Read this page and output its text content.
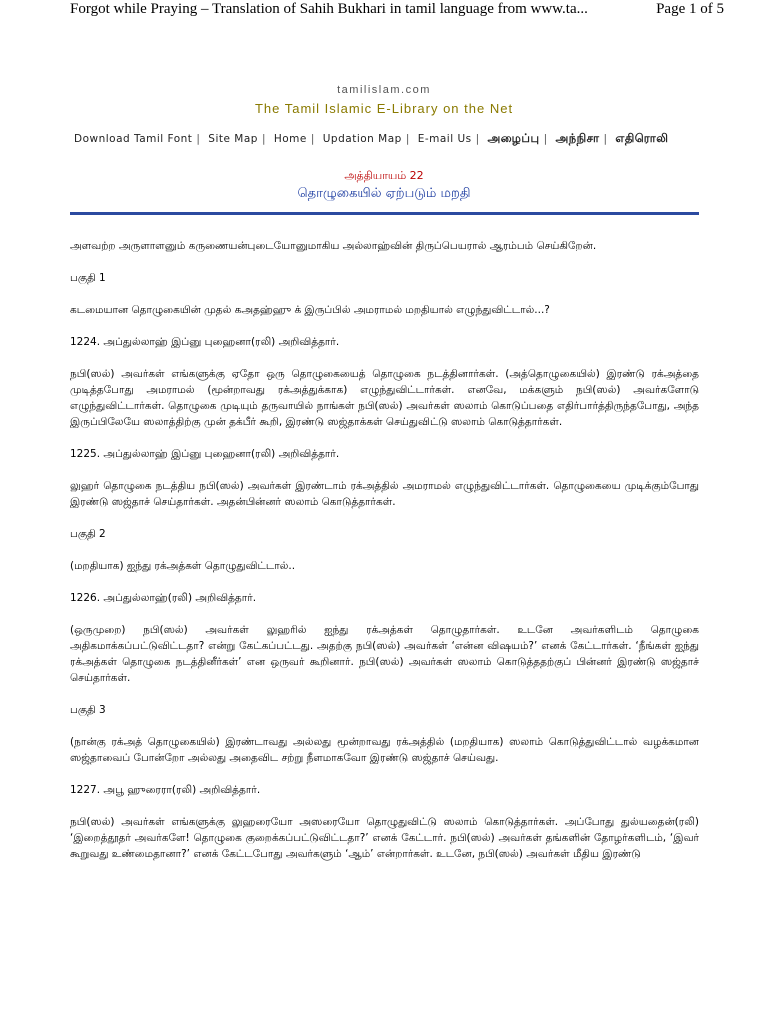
Forgot while Praying – Translation of Sahih Bukhari in tamil language from www.ta...	Page 1 of 5
tamilislam.com
The Tamil Islamic E-Library on the Net
Download Tamil Font | Site Map | Home | Updation Map | E-mail Us | அழைப்பு | அந்நிசா | எதிரொலி
அத்தியாயம் 22
தொழுகையில் ஏற்படும் மறதி

அளவற்ற அருளாளனும் கருணையன்புடையோனுமாகிய அல்லாஹ்வின் திருப்பெயரால் ஆரம்பம் செய்கிறேன்.

பகுதி 1

கடமையான தொழுகையின் முதல் கஅதஹ்ஹு க் இருப்பில் அமராமல் மறதியால் எழுந்துவிட்டால்...?

1224. அப்துல்லாஹ் இப்னு புஹைனா(ரலி) அறிவித்தார்.

நபி(ஸல்) அவர்கள் எங்களுக்கு ஏதோ ஒரு தொழுகையைத் தொழுகை நடத்தினார்கள். (அத்தொழுகையில்) இரண்டு ரக்அத்தை முடித்தபோது அமராமல் (மூன்றாவது ரக்அத்துக்காக) எழுந்துவிட்டார்கள். எனவே, மக்களும் நபி(ஸல்) அவர்களோடு எழுந்துவிட்டார்கள். தொழுகை முடியும் தருவாயில் நாங்கள் நபி(ஸல்) அவர்கள் ஸலாம் கொடுப்பதை எதிர்பார்த்திருந்தபோது, அந்த இருப்பிலேயே ஸலாத்திற்கு முன் தக்பீர் கூறி, இரண்டு ஸஜ்தாக்கள் செய்துவிட்டு ஸலாம் கொடுத்தார்கள்.

1225. அப்துல்லாஹ் இப்னு புஹைனா(ரலி) அறிவித்தார்.

லுஹர் தொழுகை நடத்திய நபி(ஸல்) அவர்கள் இரண்டாம் ரக்அத்தில் அமராமல் எழுந்துவிட்டார்கள். தொழுகையை முடிக்கும்போது இரண்டு ஸஜ்தாச் செய்தார்கள். அதன்பின்னர் ஸலாம் கொடுத்தார்கள்.

பகுதி 2

(மறதியாக) ஐந்து ரக்அத்கள் தொழுதுவிட்டால்..

1226. அப்துல்லாஹ்(ரலி) அறிவித்தார்.

(ஒருமுறை) நபி(ஸல்) அவர்கள் லுஹரில் ஐந்து ரக்அத்கள் தொழுதார்கள். உடனே அவர்களிடம் தொழுகை அதிகமாக்கப்பட்டுவிட்டதா? என்று கேட்கப்பட்டது. அதற்கு நபி(ஸல்) அவர்கள் ‘என்ன விஷயம்?’ எனக் கேட்டார்கள். ‘நீங்கள் ஐந்து ரக்அத்கள் தொழுகை நடத்தினீர்கள்’ என ஒருவர் கூறினார். நபி(ஸல்) அவர்கள் ஸலாம் கொடுத்ததற்குப் பின்னர் இரண்டு ஸஜ்தாச் செய்தார்கள்.

பகுதி 3

(நான்கு ரக்அத் தொழுகையில்) இரண்டாவது அல்லது மூன்றாவது ரக்அத்தில் (மறதியாக) ஸலாம் கொடுத்துவிட்டால் வழக்கமான ஸஜ்தாவைப் போன்றோ அல்லது அதைவிட சற்று நீளமாகவோ இரண்டு ஸஜ்தாச் செய்வது.

1227. அபூ ஹுரைரா(ரலி) அறிவித்தார்.

நபி(ஸல்) அவர்கள் எங்களுக்கு லுஹரையோ அஸரையோ தொழுதுவிட்டு ஸலாம் கொடுத்தார்கள். அப்போது துல்யதைன்(ரலி) ‘இறைத்தூதர் அவர்களே! தொழுகை குறைக்கப்பட்டுவிட்டதா?’ எனக் கேட்டார். நபி(ஸல்) அவர்கள் தங்களின் தோழர்களிடம், ‘இவர் கூறுவது உண்மைதானா?’ எனக் கேட்டபோது அவர்களும் ‘ஆம்’ என்றார்கள். உடனே, நபி(ஸல்) அவர்கள் மீதிய இரண்டு
